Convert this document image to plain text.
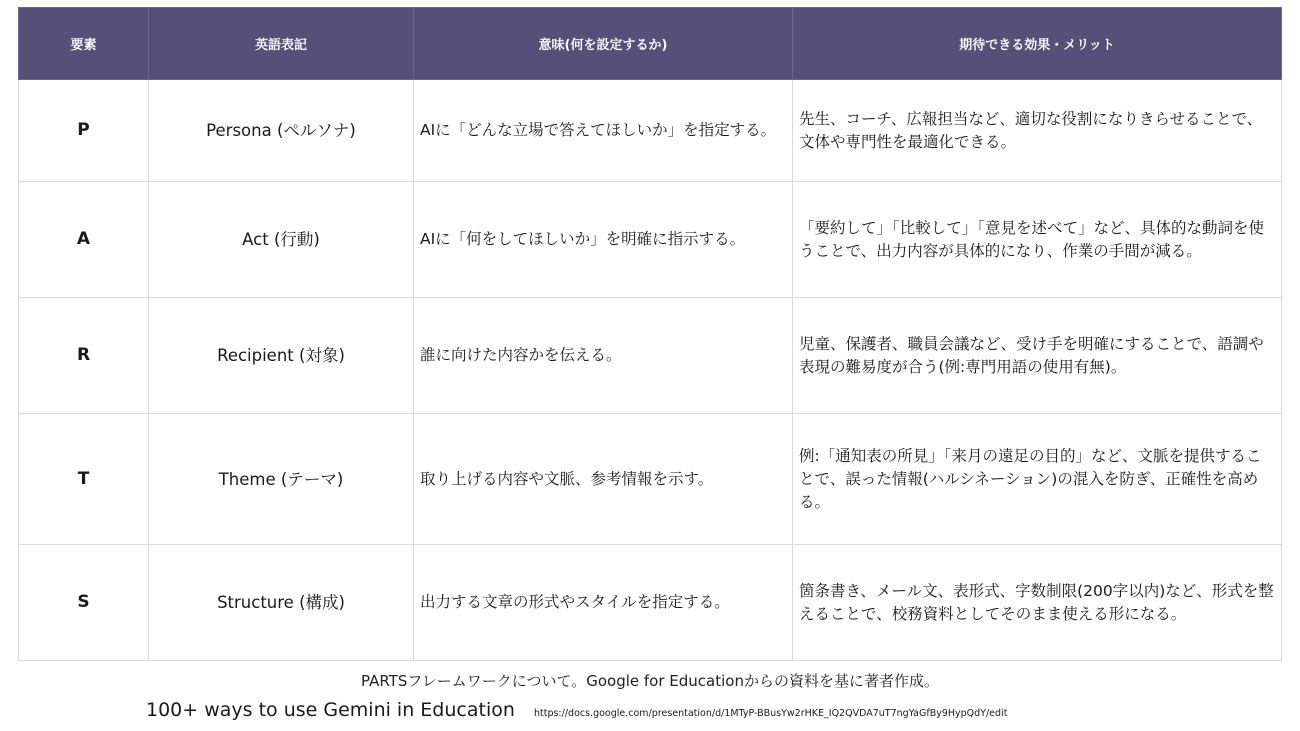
要素	英語表記	意味(何を設定するか)	期待できる効果・メリット
P	Persona (ペルソナ)	AIに「どんな立場で答えてほしいか」を指定する。	先生、コーチ、広報担当など、適切な役割になりきらせることで、文体や専門性を最適化できる。
A	Act (行動)	AIに「何をしてほしいか」を明確に指示する。	「要約して」「比較して」「意見を述べて」など、具体的な動詞を使うことで、出力内容が具体的になり、作業の手間が減る。
R	Recipient (対象)	誰に向けた内容かを伝える。	児童、保護者、職員会議など、受け手を明確にすることで、語調や表現の難易度が合う(例:専門用語の使用有無)。
T	Theme (テーマ)	取り上げる内容や文脈、参考情報を示す。	例:「通知表の所見」「来月の遠足の目的」など、文脈を提供することで、誤った情報(ハルシネーション)の混入を防ぎ、正確性を高める。
S	Structure (構成)	出力する文章の形式やスタイルを指定する。	箇条書き、メール文、表形式、字数制限(200字以内)など、形式を整えることで、校務資料としてそのまま使える形になる。
PARTSフレームワークについて。Google for Educationからの資料を基に著者作成。
100+ ways to use Gemini in Education https://docs.google.com/presentation/d/1MTyP-BBusYw2rHKE_IQ2QVDA7uT7ngYaGfBy9HypQdY/edit
